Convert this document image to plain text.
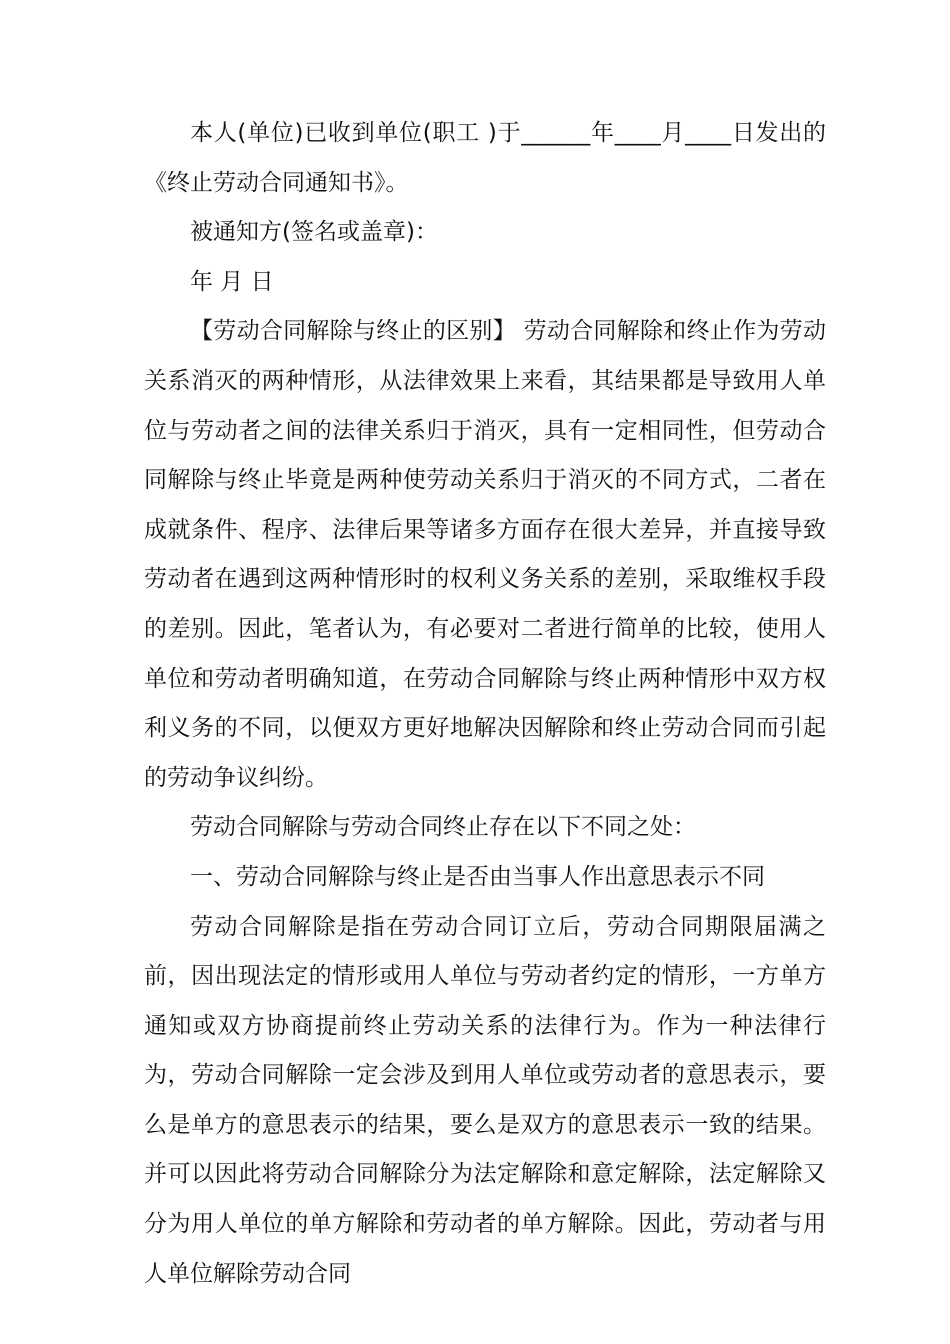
本人(单位)已收到单位(职工 )于______年____月____日发出的《终止劳动合同通知书》。

被通知方(签名或盖章)：

年 月 日

【劳动合同解除与终止的区别】 劳动合同解除和终止作为劳动关系消灭的两种情形，从法律效果上来看，其结果都是导致用人单位与劳动者之间的法律关系归于消灭，具有一定相同性，但劳动合同解除与终止毕竟是两种使劳动关系归于消灭的不同方式，二者在成就条件、程序、法律后果等诸多方面存在很大差异，并直接导致劳动者在遇到这两种情形时的权利义务关系的差别，采取维权手段的差别。因此，笔者认为，有必要对二者进行简单的比较，使用人单位和劳动者明确知道，在劳动合同解除与终止两种情形中双方权利义务的不同，以便双方更好地解决因解除和终止劳动合同而引起的劳动争议纠纷。

劳动合同解除与劳动合同终止存在以下不同之处：

一、劳动合同解除与终止是否由当事人作出意思表示不同

劳动合同解除是指在劳动合同订立后，劳动合同期限届满之前，因出现法定的情形或用人单位与劳动者约定的情形，一方单方通知或双方协商提前终止劳动关系的法律行为。作为一种法律行为，劳动合同解除一定会涉及到用人单位或劳动者的意思表示，要么是单方的意思表示的结果，要么是双方的意思表示一致的结果。并可以因此将劳动合同解除分为法定解除和意定解除，法定解除又分为用人单位的单方解除和劳动者的单方解除。因此，劳动者与用人单位解除劳动合同
